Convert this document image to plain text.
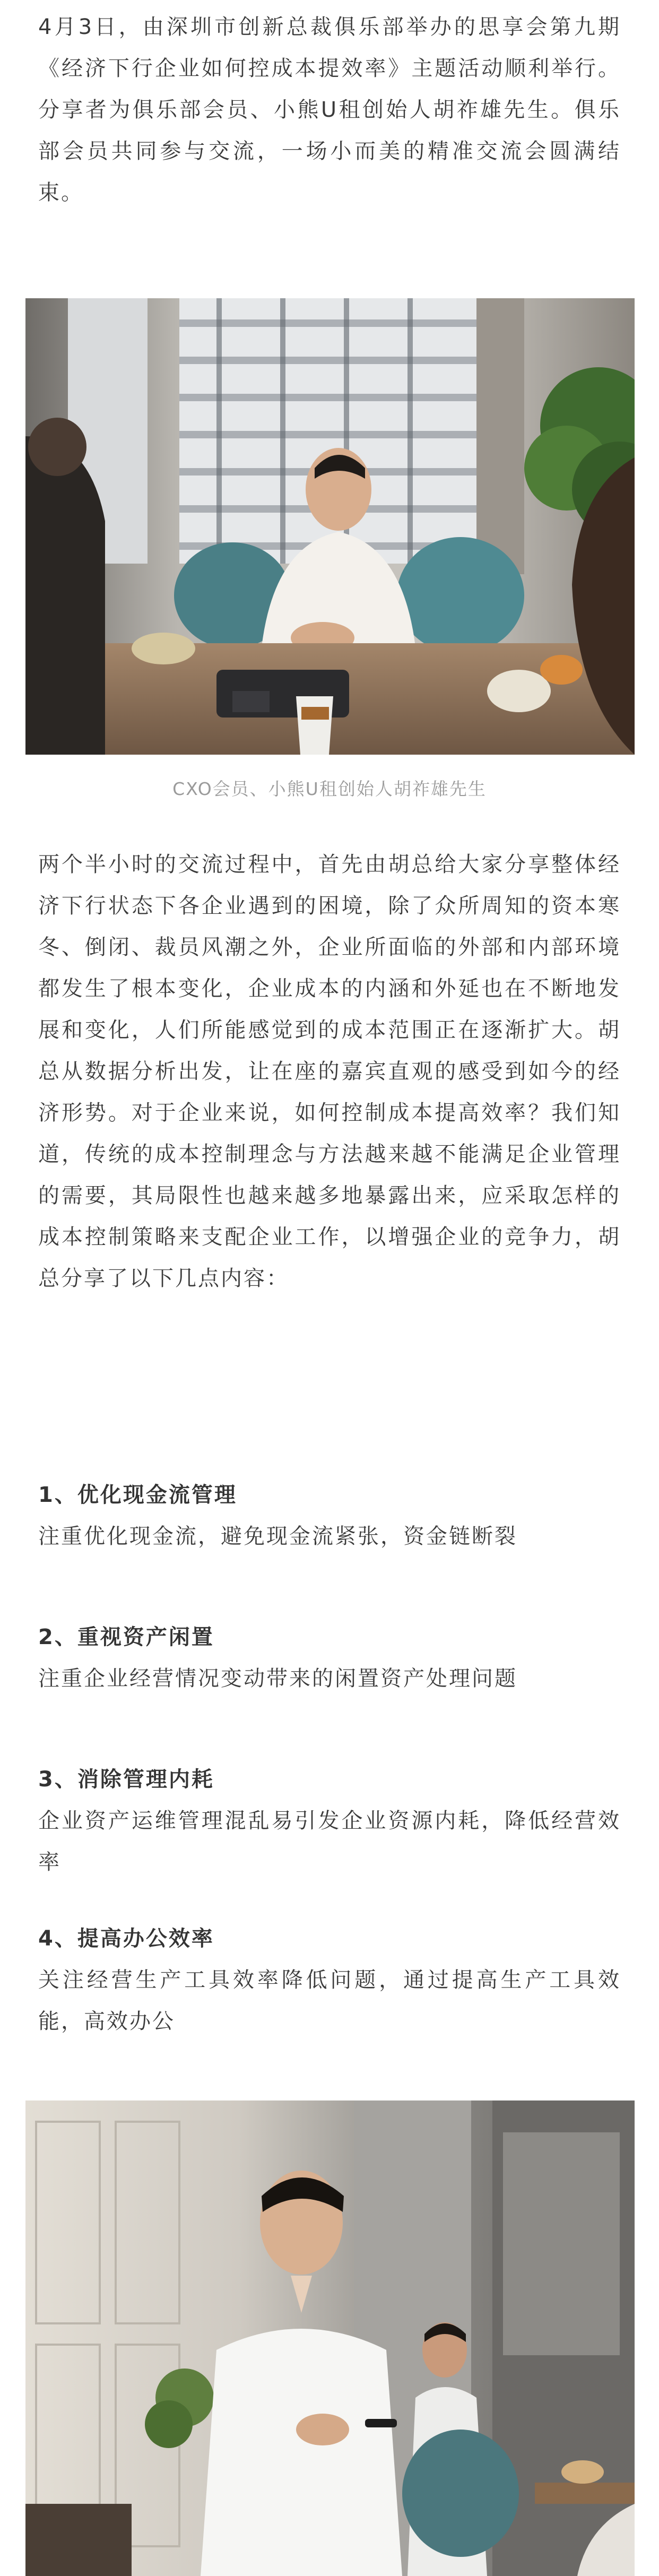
4月3日，由深圳市创新总裁俱乐部举办的思享会第九期《经济下行企业如何控成本提效率》主题活动顺利举行。分享者为俱乐部会员、小熊U租创始人胡祚雄先生。俱乐部会员共同参与交流，一场小而美的精准交流会圆满结束。

CXO会员、小熊U租创始人胡祚雄先生

两个半小时的交流过程中，首先由胡总给大家分享整体经济下行状态下各企业遇到的困境，除了众所周知的资本寒冬、倒闭、裁员风潮之外，企业所面临的外部和内部环境都发生了根本变化，企业成本的内涵和外延也在不断地发展和变化，人们所能感觉到的成本范围正在逐渐扩大。胡总从数据分析出发，让在座的嘉宾直观的感受到如今的经济形势。对于企业来说，如何控制成本提高效率？我们知道，传统的成本控制理念与方法越来越不能满足企业管理的需要，其局限性也越来越多地暴露出来，应采取怎样的成本控制策略来支配企业工作，以增强企业的竞争力，胡总分享了以下几点内容：

1、优化现金流管理

注重优化现金流，避免现金流紧张，资金链断裂

2、重视资产闲置

注重企业经营情况变动带来的闲置资产处理问题

3、消除管理内耗

企业资产运维管理混乱易引发企业资源内耗，降低经营效率

4、提高办公效率

关注经营生产工具效率降低问题，通过提高生产工具效能，高效办公
